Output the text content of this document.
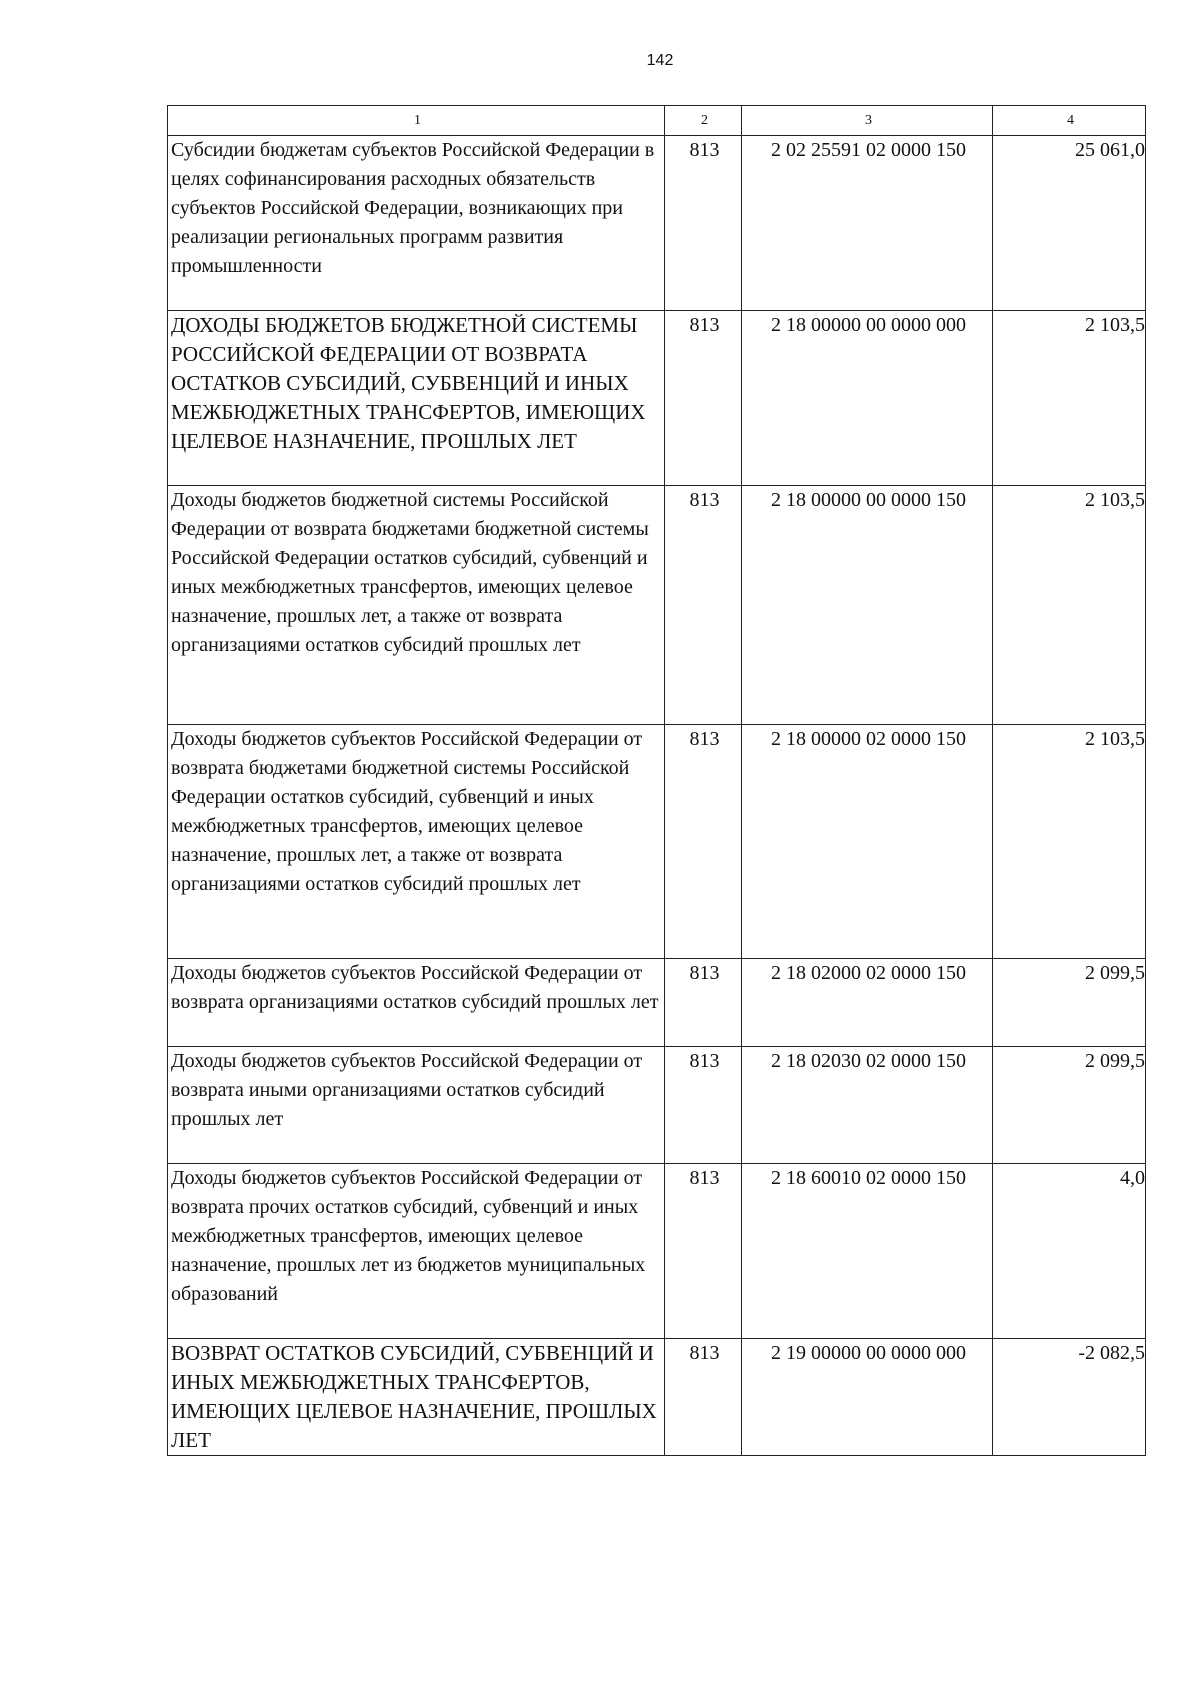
142
1	2	3	4
Субсидии бюджетам субъектов Российской Федерации в целях софинансирования расходных обязательств субъектов Российской Федерации, возникающих при реализации региональных программ развития промышленности	813	2 02 25591 02 0000 150	25 061,0
ДОХОДЫ БЮДЖЕТОВ БЮДЖЕТНОЙ СИСТЕМЫ РОССИЙСКОЙ ФЕДЕРАЦИИ ОТ ВОЗВРАТА ОСТАТКОВ СУБСИДИЙ, СУБВЕНЦИЙ И ИНЫХ МЕЖБЮДЖЕТНЫХ ТРАНСФЕРТОВ, ИМЕЮЩИХ ЦЕЛЕВОЕ НАЗНАЧЕНИЕ, ПРОШЛЫХ ЛЕТ	813	2 18 00000 00 0000 000	2 103,5
Доходы бюджетов бюджетной системы Российской Федерации от возврата бюджетами бюджетной системы Российской Федерации остатков субсидий, субвенций и иных межбюджетных трансфертов, имеющих целевое назначение, прошлых лет, а также от возврата организациями остатков субсидий прошлых лет	813	2 18 00000 00 0000 150	2 103,5
Доходы бюджетов субъектов Российской Федерации от возврата бюджетами бюджетной системы Российской Федерации остатков субсидий, субвенций и иных межбюджетных трансфертов, имеющих целевое назначение, прошлых лет, а также от возврата организациями остатков субсидий прошлых лет	813	2 18 00000 02 0000 150	2 103,5
Доходы бюджетов субъектов Российской Федерации от возврата организациями остатков субсидий прошлых лет	813	2 18 02000 02 0000 150	2 099,5
Доходы бюджетов субъектов Российской Федерации от возврата иными организациями остатков субсидий прошлых лет	813	2 18 02030 02 0000 150	2 099,5
Доходы бюджетов субъектов Российской Федерации от возврата прочих остатков субсидий, субвенций и иных межбюджетных трансфертов, имеющих целевое назначение, прошлых лет из бюджетов муниципальных образований	813	2 18 60010 02 0000 150	4,0
ВОЗВРАТ ОСТАТКОВ СУБСИДИЙ, СУБВЕНЦИЙ И ИНЫХ МЕЖБЮДЖЕТНЫХ ТРАНСФЕРТОВ, ИМЕЮЩИХ ЦЕЛЕВОЕ НАЗНАЧЕНИЕ, ПРОШЛЫХ ЛЕТ	813	2 19 00000 00 0000 000	-2 082,5
